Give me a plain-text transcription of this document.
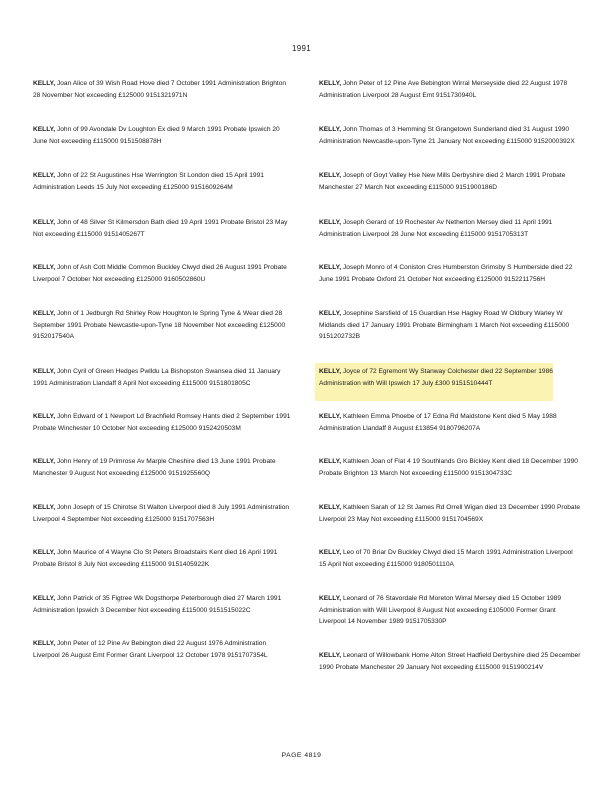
1991
KELLY, Joan Alice of 39 Wish Road Hove died 7 October 1991 Administration Brighton 28 November Not exceeding £125000 9151321971N
KELLY, John of 99 Avondale Dv Loughton Ex died 9 March 1991 Probate Ipswich 20 June Not exceeding £115000 9151508878H
KELLY, John of 22 St Augustines Hse Werrington St London died 15 April 1991 Administration Leeds 15 July Not exceeding £125000 9151609264M
KELLY, John of 48 Silver St Kilmersdon Bath died 19 April 1991 Probate Bristol 23 May Not exceeding £115000 9151405267T
KELLY, John of Ash Cott Middle Common Buckley Clwyd died 26 August 1991 Probate Liverpool 7 October Not exceeding £125000 9160502860U
KELLY, John of 1 Jedburgh Rd Shirley Row Houghton le Spring Tyne & Wear died 28 September 1991 Probate Newcastle-upon-Tyne 18 November Not exceeding £125000 9152017540A
KELLY, John Cyril of Green Hedges Pwlldu La Bishopston Swansea died 11 January 1991 Administration Llandaff 8 April Not exceeding £115000 9151801805C
KELLY, John Edward of 1 Newport Ld Brachfield Romsey Hants died 2 September 1991 Probate Winchester 10 October Not exceeding £125000 9152420503M
KELLY, John Henry of 19 Primrose Av Marple Cheshire died 13 June 1991 Probate Manchester 9 August Not exceeding £125000 9151925560Q
KELLY, John Joseph of 15 Chirotse St Walton Liverpool died 8 July 1991 Administration Liverpool 4 September Not exceeding £125000 9151707563H
KELLY, John Maurice of 4 Wayne Clo St Peters Broadstairs Kent died 16 April 1991 Probate Bristol 8 July Not exceeding £115000 9151405922K
KELLY, John Patrick of 35 Figtree Wk Dogsthorpe Peterborough died 27 March 1991 Administration Ipswich 3 December Not exceeding £115000 9151515022C
KELLY, John Peter of 12 Pine Av Bebington died 22 August 1976 Administration Liverpool 26 August Emt Former Grant Liverpool 12 October 1978 9151707354L
KELLY, John Peter of 12 Pine Ave Bebington Wirral Merseyside died 22 August 1978 Administration Liverpool 28 August Emt 9151730940L
KELLY, John Thomas of 3 Hemming St Grangetown Sunderland died 31 August 1990 Administration Newcastle-upon-Tyne 21 January Not exceeding £115000 9152000392X
KELLY, Joseph of Goyt Valley Hse New Mills Derbyshire died 2 March 1991 Probate Manchester 27 March Not exceeding £115000 9151900186D
KELLY, Joseph Gerard of 19 Rochester Av Netherton Mersey died 11 April 1991 Administration Liverpool 28 June Not exceeding £115000 9151705313T
KELLY, Joseph Monro of 4 Coniston Cres Humberston Grimsby S Humberside died 22 June 1991 Probate Oxford 21 October Not exceeding £125000 9152211756H
KELLY, Josephine Sarsfield of 15 Guardian Hse Hagley Road W Oldbury Warley W Midlands died 17 January 1991 Probate Birmingham 1 March Not exceeding £115000 9151202732B
KELLY, Joyce of 72 Egremont Wy Stanway Colchester died 22 September 1986 Administration with Will Ipswich 17 July £300 9151510444T
KELLY, Kathleen Emma Phoebe of 17 Edna Rd Maidstone Kent died 5 May 1988 Administration Llandaff 8 August £13854 9180796207A
KELLY, Kathleen Joan of Flat 4 19 Southlands Gro Bickley Kent died 18 December 1990 Probate Brighton 13 March Not exceeding £115000 9151304733C
KELLY, Kathleen Sarah of 12 St James Rd Orrell Wigan died 13 December 1990 Probate Liverpool 23 May Not exceeding £115000 9151704569X
KELLY, Leo of 70 Briar Dv Buckley Clwyd died 15 March 1991 Administration Liverpool 15 April Not exceeding £115000 9180501110A
KELLY, Leonard of 76 Stavordale Rd Moreton Wirral Mersey died 15 October 1989 Administration with Will Liverpool 8 August Not exceeding £105000 Former Grant Liverpool 14 November 1989 9151705330P
KELLY, Leonard of Willowbank Home Alton Street Hadfield Derbyshire died 25 December 1990 Probate Manchester 29 January Not exceeding £115000 9151900214V
PAGE 4819
